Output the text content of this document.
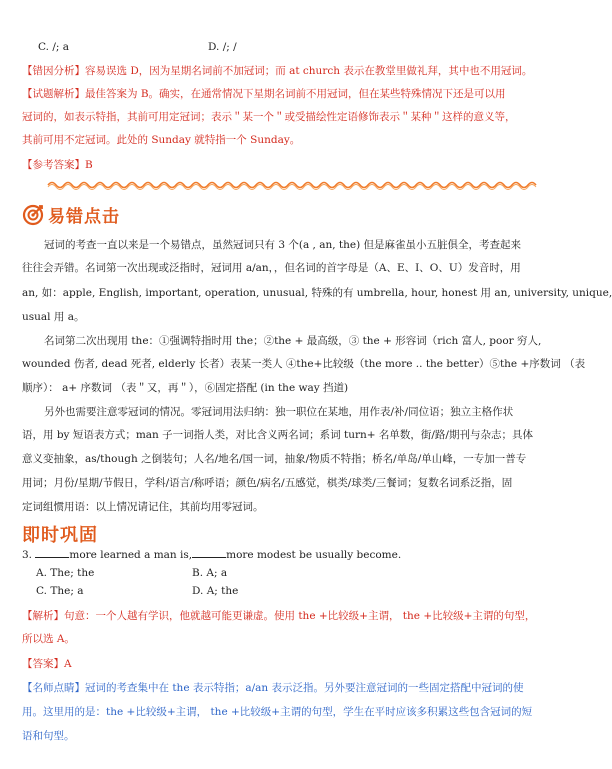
C. /; a	D. /; /
【错因分析】容易误选 D，因为星期名词前不加冠词；而 at church 表示在教堂里做礼拜，其中也不用冠词。
【试题解析】最佳答案为 B。确实，在通常情况下星期名词前不用冠词，但在某些特殊情况下还是可以用
冠词的，如表示特指，其前可用定冠词；表示＂某一个＂或受描绘性定语修饰表示＂某种＂这样的意义等，
其前可用不定冠词。此处的 Sunday 就特指一个 Sunday。
【参考答案】B
易错点击
冠词的考查一直以来是一个易错点，虽然冠词只有 3 个(a , an, the) 但是麻雀虽小五脏俱全，考查起来
往往会弄错。名词第一次出现或泛指时，冠词用 a/an，，但名词的首字母是（A、E、I、O、U）发音时，用
an, 如：apple, English, important, operation, unusual, 特殊的有 umbrella, hour, honest 用 an, university, unique,
usual 用 a。
名词第二次出现用 the：①强调特指时用 the；②the + 最高级，③ the + 形容词（rich 富人, poor 穷人,
wounded 伤者, dead 死者, elderly 长者）表某一类人 ④the+比较级（the more .. the better）⑤the +序数词 （表
顺序）： a+ 序数词 （表＂又，再＂），⑥固定搭配 (in the way 挡道)
另外也需要注意零冠词的情况。零冠词用法归纳：独一职位在某地，用作表/补/同位语；独立主格作状
语，用 by 短语表方式；man 子一词指人类，对比含义两名词；系词 turn+ 名单数，街/路/期刊与杂志；具体
意义变抽象，as/though 之倒装句；人名/地名/国一词，抽象/物质不特指；桥名/单岛/单山峰，一专加一普专
用词；月份/星期/节假日，学科/语言/称呼语；颜色/病名/五感觉，棋类/球类/三餐词；复数名词系泛指，固
定词组惯用语：以上情况请记住，其前均用零冠词。
即时巩固
3.	more learned a man is,	more modest be usually become.
A. The; the	B. A; a
C. The; a	D. A; the
【解析】句意：一个人越有学识，他就越可能更谦虚。使用 the +比较级+主谓， the +比较级+主谓的句型，
所以选 A。
【答案】A
【名师点睛】冠词的考查集中在 the 表示特指；a/an 表示泛指。另外要注意冠词的一些固定搭配中冠词的使
用。这里用的是：the +比较级+主谓， the +比较级+主谓的句型，学生在平时应该多积累这些包含冠词的短
语和句型。
